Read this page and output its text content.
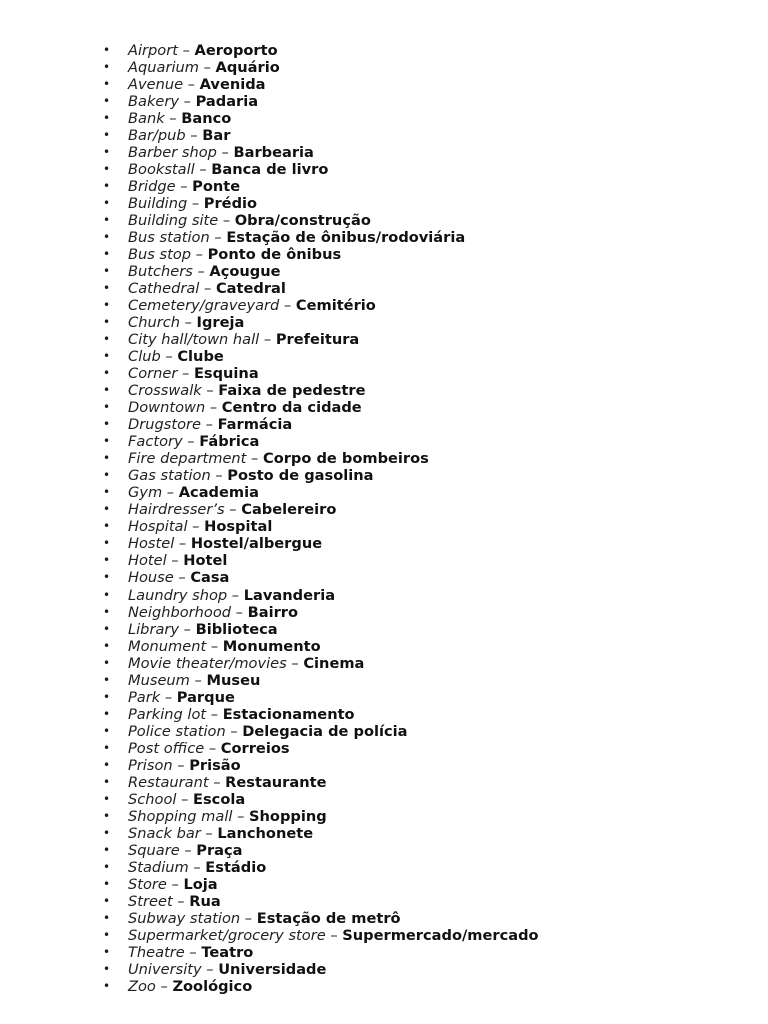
• Airport – Aeroporto
• Aquarium – Aquário
• Avenue – Avenida
• Bakery – Padaria
• Bank – Banco
• Bar/pub – Bar
• Barber shop – Barbearia
• Bookstall – Banca de livro
• Bridge – Ponte
• Building – Prédio
• Building site – Obra/construção
• Bus station – Estação de ônibus/rodoviária
• Bus stop – Ponto de ônibus
• Butchers – Açougue
• Cathedral – Catedral
• Cemetery/graveyard – Cemitério
• Church – Igreja
• City hall/town hall – Prefeitura
• Club – Clube
• Corner – Esquina
• Crosswalk – Faixa de pedestre
• Downtown – Centro da cidade
• Drugstore – Farmácia
• Factory – Fábrica
• Fire department – Corpo de bombeiros
• Gas station – Posto de gasolina
• Gym – Academia
• Hairdresser’s – Cabelereiro
• Hospital – Hospital
• Hostel – Hostel/albergue
• Hotel – Hotel
• House – Casa
• Laundry shop – Lavanderia
• Neighborhood – Bairro
• Library – Biblioteca
• Monument – Monumento
• Movie theater/movies – Cinema
• Museum – Museu
• Park – Parque
• Parking lot – Estacionamento
• Police station – Delegacia de polícia
• Post office – Correios
• Prison – Prisão
• Restaurant – Restaurante
• School – Escola
• Shopping mall – Shopping
• Snack bar – Lanchonete
• Square – Praça
• Stadium – Estádio
• Store – Loja
• Street – Rua
• Subway station – Estação de metrô
• Supermarket/grocery store – Supermercado/mercado
• Theatre – Teatro
• University – Universidade
• Zoo – Zoológico
